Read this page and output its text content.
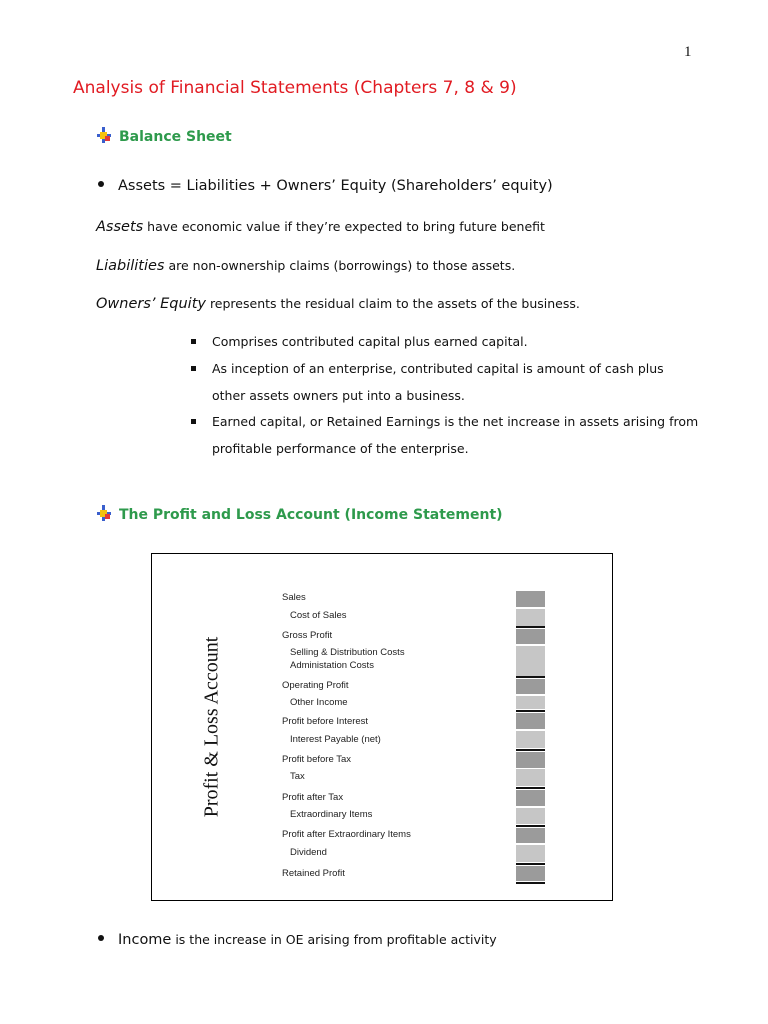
1
Analysis of Financial Statements (Chapters 7, 8 & 9)
Balance Sheet
Assets = Liabilities + Owners’ Equity (Shareholders’ equity)
Assets have economic value if they’re expected to bring future benefit
Liabilities are non-ownership claims (borrowings) to those assets.
Owners’ Equity represents the residual claim to the assets of the business.
Comprises contributed capital plus earned capital.
As inception of an enterprise, contributed capital is amount of cash plus
other assets owners put into a business.
Earned capital, or Retained Earnings is the net increase in assets arising from
profitable performance of the enterprise.
The Profit and Loss Account (Income Statement)
Profit & Loss Account
Sales
Cost of Sales
Gross Profit
Selling & Distribution Costs
Administation Costs
Operating Profit
Other Income
Profit before Interest
Interest Payable (net)
Profit before Tax
Tax
Profit after Tax
Extraordinary Items
Profit after Extraordinary Items
Dividend
Retained Profit
Income is the increase in OE arising from profitable activity
